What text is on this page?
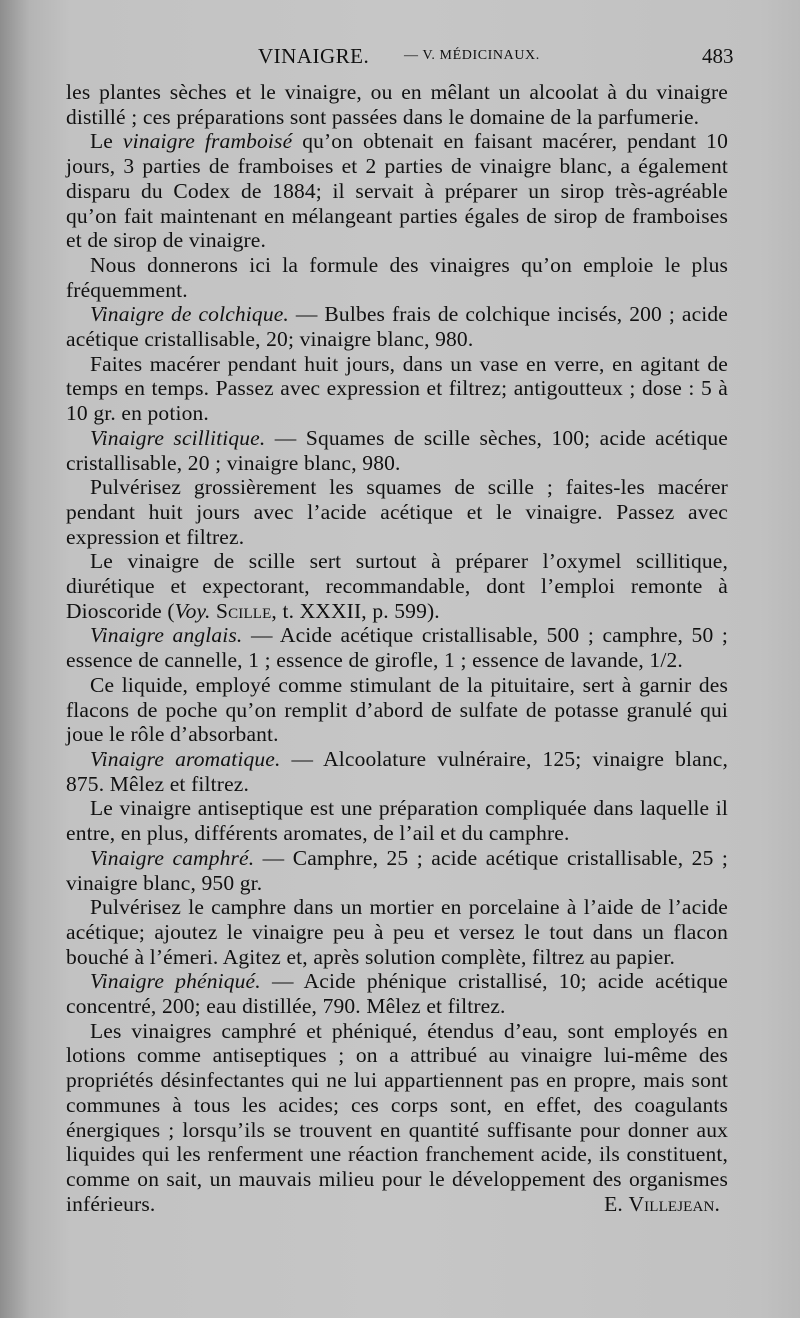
VINAIGRE. — V. MÉDICINAUX.	483

les plantes sèches et le vinaigre, ou en mêlant un alcoolat à du vinaigre distillé ; ces préparations sont passées dans le domaine de la parfumerie.

Le vinaigre framboisé qu’on obtenait en faisant macérer, pendant 10 jours, 3 parties de framboises et 2 parties de vinaigre blanc, a également disparu du Codex de 1884; il servait à préparer un sirop très-agréable qu’on fait maintenant en mélangeant parties égales de sirop de framboises et de sirop de vinaigre.

Nous donnerons ici la formule des vinaigres qu’on emploie le plus fréquemment.

Vinaigre de colchique. — Bulbes frais de colchique incisés, 200 ; acide acétique cristallisable, 20; vinaigre blanc, 980.

Faites macérer pendant huit jours, dans un vase en verre, en agitant de temps en temps. Passez avec expression et filtrez; antigoutteux ; dose : 5 à 10 gr. en potion.

Vinaigre scillitique. — Squames de scille sèches, 100; acide acétique cristallisable, 20 ; vinaigre blanc, 980.

Pulvérisez grossièrement les squames de scille ; faites-les macérer pendant huit jours avec l’acide acétique et le vinaigre. Passez avec expression et filtrez.

Le vinaigre de scille sert surtout à préparer l’oxymel scillitique, diurétique et expectorant, recommandable, dont l’emploi remonte à Dioscoride (Voy. Scille, t. XXXII, p. 599).

Vinaigre anglais. — Acide acétique cristallisable, 500 ; camphre, 50 ; essence de cannelle, 1 ; essence de girofle, 1 ; essence de lavande, 1/2.

Ce liquide, employé comme stimulant de la pituitaire, sert à garnir des flacons de poche qu’on remplit d’abord de sulfate de potasse granulé qui joue le rôle d’absorbant.

Vinaigre aromatique. — Alcoolature vulnéraire, 125; vinaigre blanc, 875. Mêlez et filtrez.

Le vinaigre antiseptique est une préparation compliquée dans laquelle il entre, en plus, différents aromates, de l’ail et du camphre.

Vinaigre camphré. — Camphre, 25 ; acide acétique cristallisable, 25 ; vinaigre blanc, 950 gr.

Pulvérisez le camphre dans un mortier en porcelaine à l’aide de l’acide acétique; ajoutez le vinaigre peu à peu et versez le tout dans un flacon bouché à l’émeri. Agitez et, après solution complète, filtrez au papier.

Vinaigre phéniqué. — Acide phénique cristallisé, 10; acide acétique concentré, 200; eau distillée, 790. Mêlez et filtrez.

Les vinaigres camphré et phéniqué, étendus d’eau, sont employés en lotions comme antiseptiques ; on a attribué au vinaigre lui-même des propriétés désinfectantes qui ne lui appartiennent pas en propre, mais sont communes à tous les acides; ces corps sont, en effet, des coagulants énergiques ; lorsqu’ils se trouvent en quantité suffisante pour donner aux liquides qui les renferment une réaction franchement acide, ils constituent, comme on sait, un mauvais milieu pour le développement des organismes inférieurs.	E. Villejean.
